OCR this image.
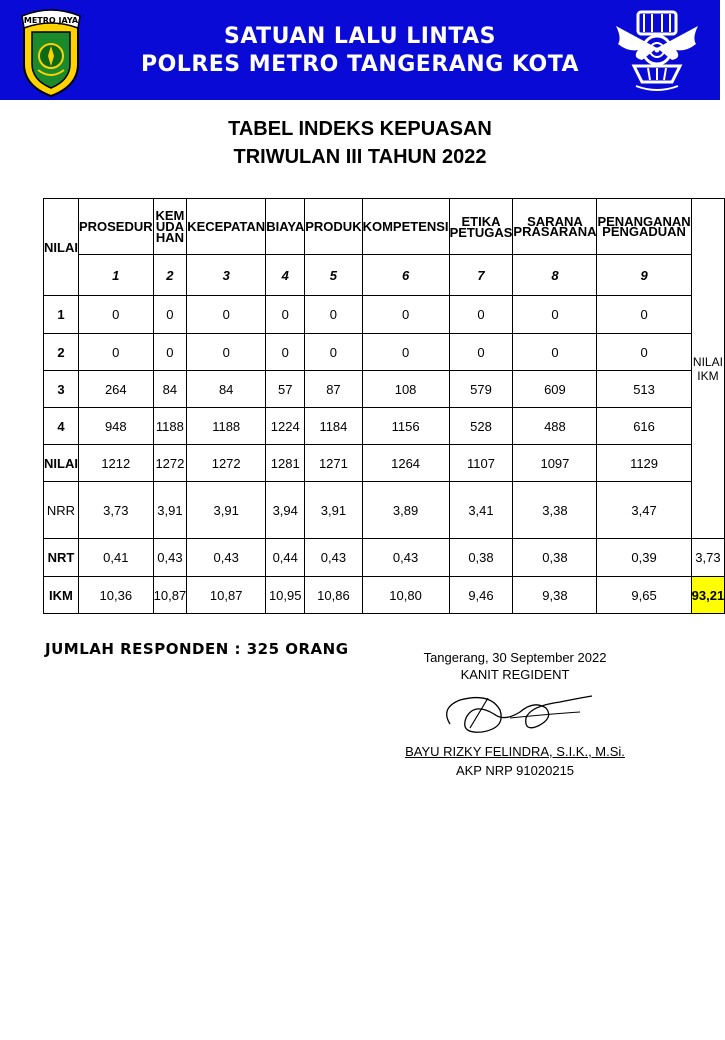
METRO JAYA
SATUAN LALU LINTAS
POLRES METRO TANGERANG KOTA
TABEL INDEKS KEPUASAN
TRIWULAN III TAHUN 2022
NILAI	PROSEDUR	KEMUDAHAN	KECEPATAN	BIAYA	PRODUK	KOMPETENSI	ETIKA PETUGAS	SARANA PRASARANA	PENANGANAN PENGADUAN	NILAI IKM
	1	2	3	4	5	6	7	8	9	
1	0	0	0	0	0	0	0	0	0	
2	0	0	0	0	0	0	0	0	0	
3	264	84	84	57	87	108	579	609	513	
4	948	1188	1188	1224	1184	1156	528	488	616	
NILAI	1212	1272	1272	1281	1271	1264	1107	1097	1129	
NRR	3,73	3,91	3,91	3,94	3,91	3,89	3,41	3,38	3,47	
NRT	0,41	0,43	0,43	0,44	0,43	0,43	0,38	0,38	0,39	3,73
IKM	10,36	10,87	10,87	10,95	10,86	10,80	9,46	9,38	9,65	93,21
JUMLAH RESPONDEN : 325 ORANG	Tangerang, 30 September 2022
KANIT REGIDENT
BAYU RIZKY FELINDRA, S.I.K., M.Si.
AKP NRP 91020215
